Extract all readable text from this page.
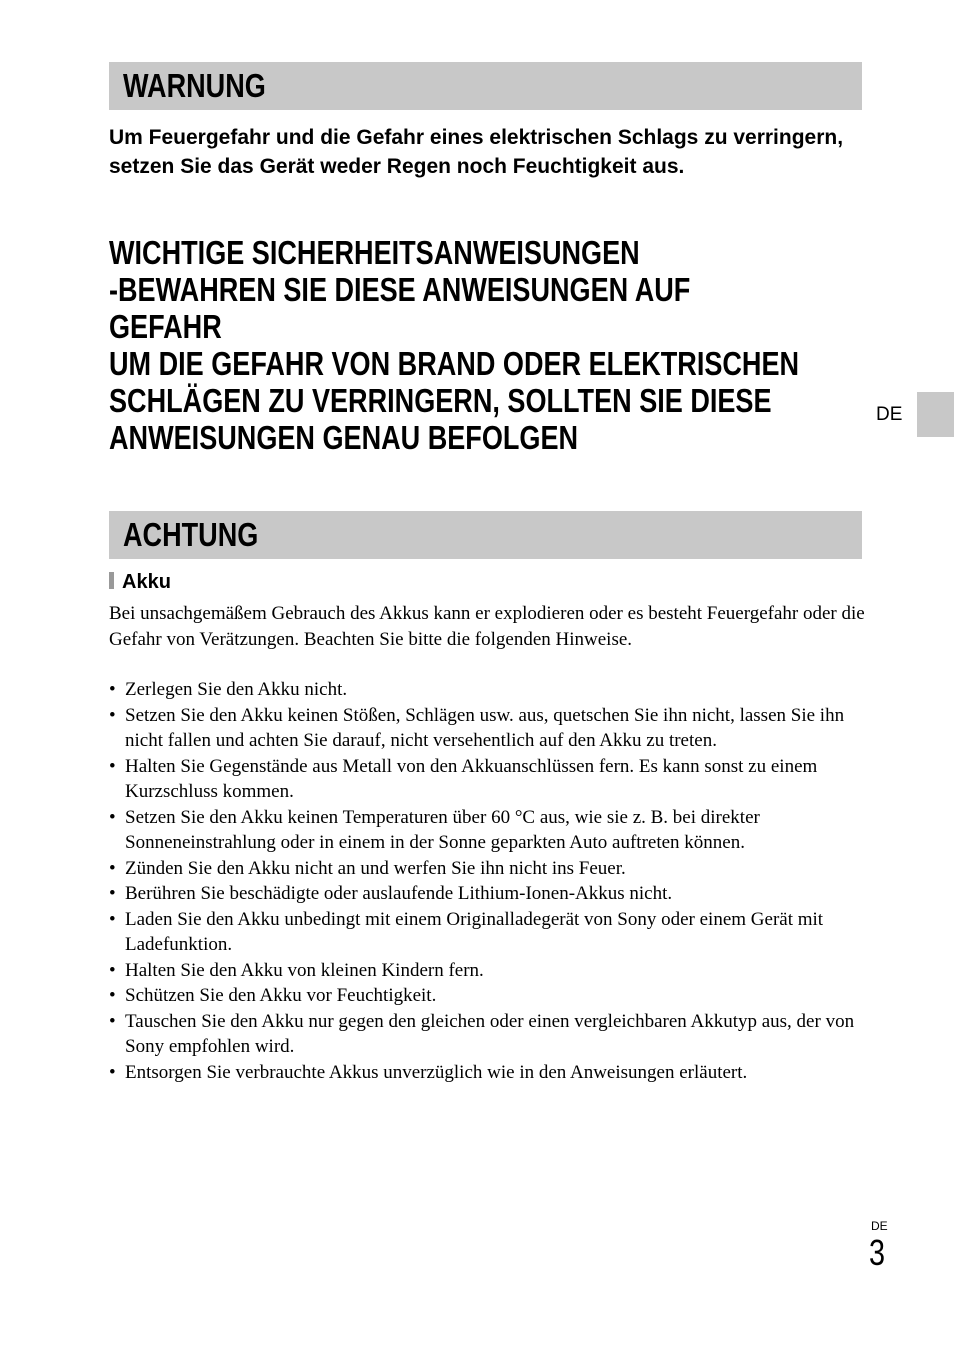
WARNUNG
Um Feuergefahr und die Gefahr eines elektrischen Schlags zu verringern, setzen Sie das Gerät weder Regen noch Feuchtigkeit aus.
WICHTIGE SICHERHEITSANWEISUNGEN
-BEWAHREN SIE DIESE ANWEISUNGEN AUF
GEFAHR
UM DIE GEFAHR VON BRAND ODER ELEKTRISCHEN
SCHLÄGEN ZU VERRINGERN, SOLLTEN SIE DIESE
ANWEISUNGEN GENAU BEFOLGEN
ACHTUNG
Akku
Bei unsachgemäßem Gebrauch des Akkus kann er explodieren oder es besteht Feuergefahr oder die Gefahr von Verätzungen. Beachten Sie bitte die folgenden Hinweise.
• Zerlegen Sie den Akku nicht.
• Setzen Sie den Akku keinen Stößen, Schlägen usw. aus, quetschen Sie ihn nicht, lassen Sie ihn nicht fallen und achten Sie darauf, nicht versehentlich auf den Akku zu treten.
• Halten Sie Gegenstände aus Metall von den Akkuanschlüssen fern. Es kann sonst zu einem Kurzschluss kommen.
• Setzen Sie den Akku keinen Temperaturen über 60 °C aus, wie sie z. B. bei direkter Sonneneinstrahlung oder in einem in der Sonne geparkten Auto auftreten können.
• Zünden Sie den Akku nicht an und werfen Sie ihn nicht ins Feuer.
• Berühren Sie beschädigte oder auslaufende Lithium-Ionen-Akkus nicht.
• Laden Sie den Akku unbedingt mit einem Originalladegerät von Sony oder einem Gerät mit Ladefunktion.
• Halten Sie den Akku von kleinen Kindern fern.
• Schützen Sie den Akku vor Feuchtigkeit.
• Tauschen Sie den Akku nur gegen den gleichen oder einen vergleichbaren Akkutyp aus, der von Sony empfohlen wird.
• Entsorgen Sie verbrauchte Akkus unverzüglich wie in den Anweisungen erläutert.
DE
DE
3
